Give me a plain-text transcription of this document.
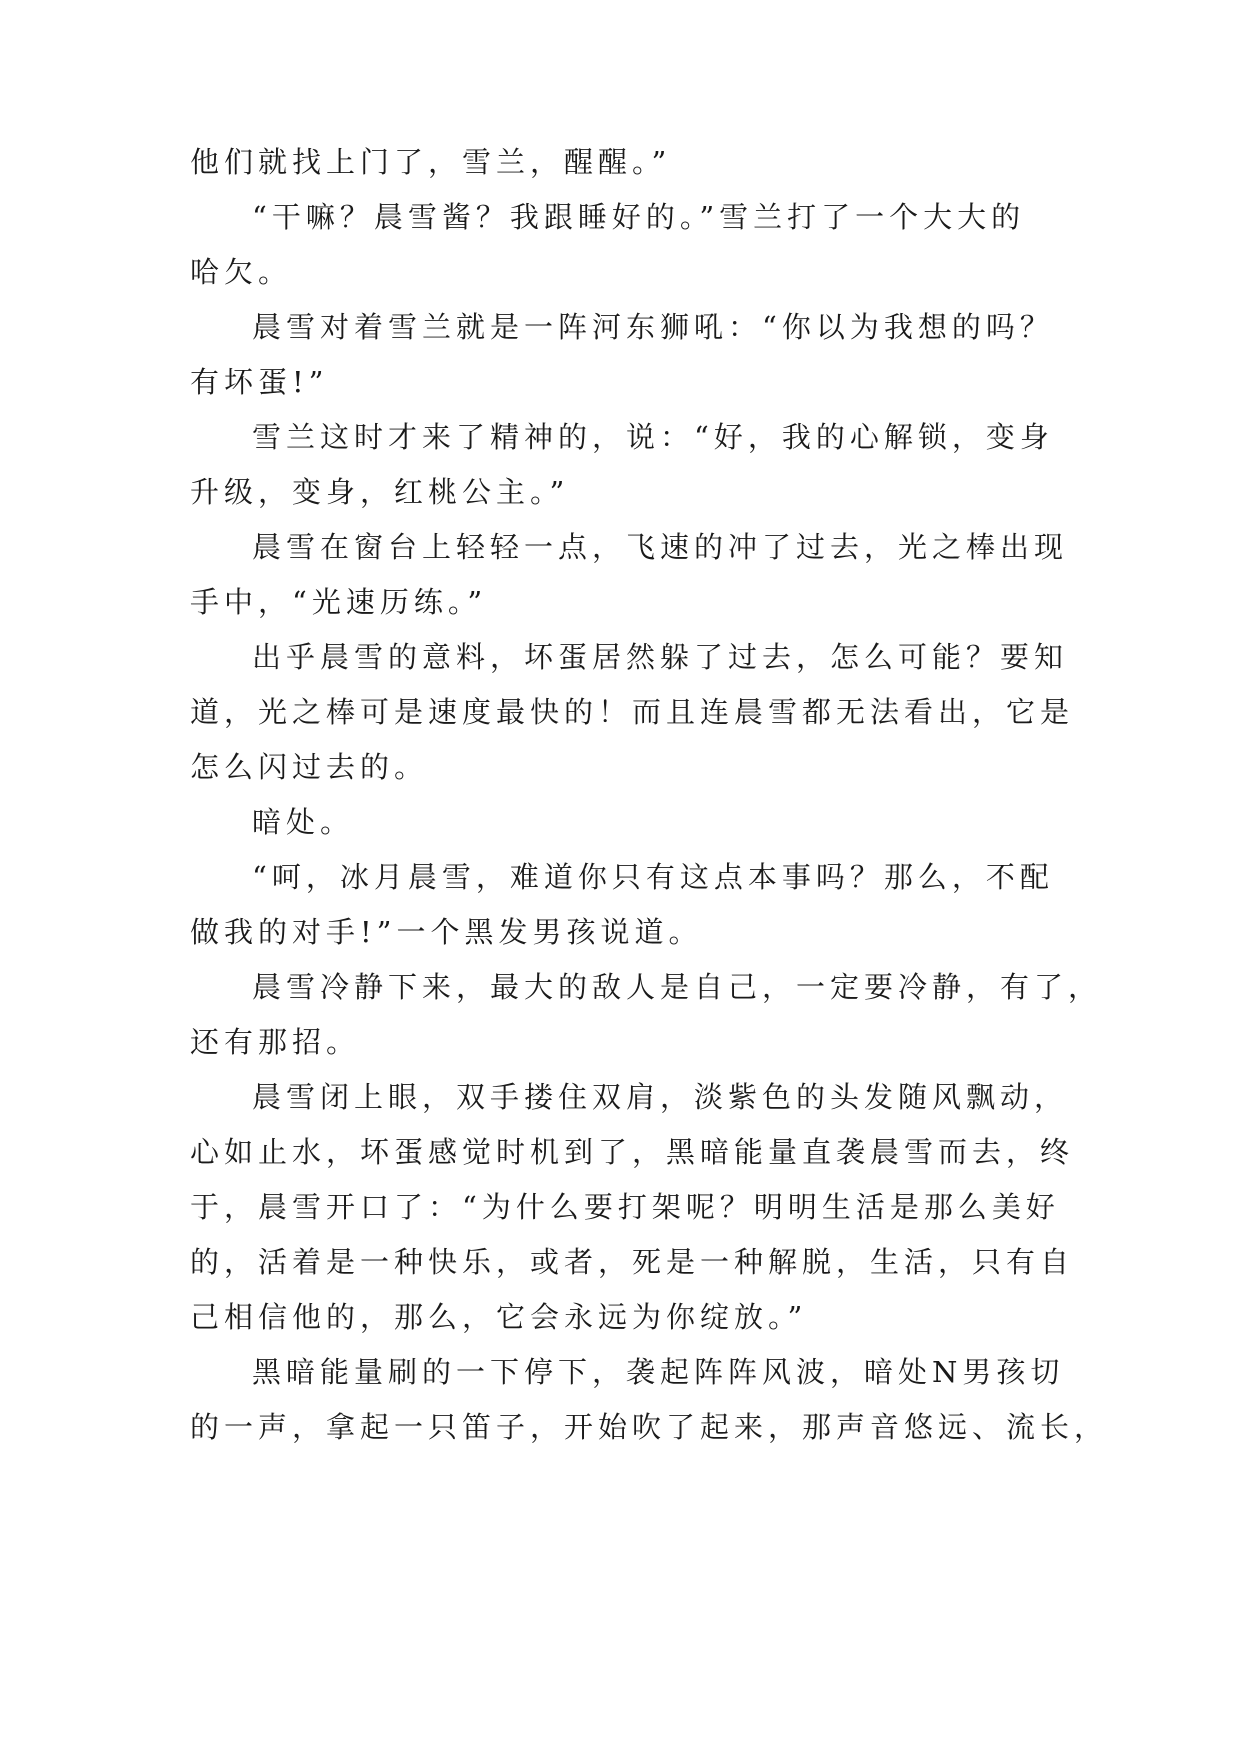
他们就找上门了，雪兰，醒醒。”
“干嘛？晨雪酱？我跟睡好的。”雪兰打了一个大大的
哈欠。
晨雪对着雪兰就是一阵河东狮吼：“你以为我想的吗？
有坏蛋!”
雪兰这时才来了精神的，说：“好，我的心解锁，变身
升级，变身，红桃公主。”
晨雪在窗台上轻轻一点，飞速的冲了过去，光之棒出现
手中，“光速历练。”
出乎晨雪的意料，坏蛋居然躲了过去，怎么可能？要知
道，光之棒可是速度最快的！而且连晨雪都无法看出，它是
怎么闪过去的。
暗处。
“呵，冰月晨雪，难道你只有这点本事吗？那么，不配
做我的对手!”一个黑发男孩说道。
晨雪冷静下来，最大的敌人是自己，一定要冷静，有了，
还有那招。
晨雪闭上眼，双手搂住双肩，淡紫色的头发随风飘动，
心如止水，坏蛋感觉时机到了，黑暗能量直袭晨雪而去，终
于，晨雪开口了：“为什么要打架呢？明明生活是那么美好
的，活着是一种快乐，或者，死是一种解脱，生活，只有自
己相信他的，那么，它会永远为你绽放。”
黑暗能量刷的一下停下，袭起阵阵风波，暗处N男孩切
的一声，拿起一只笛子，开始吹了起来，那声音悠远、流长，
